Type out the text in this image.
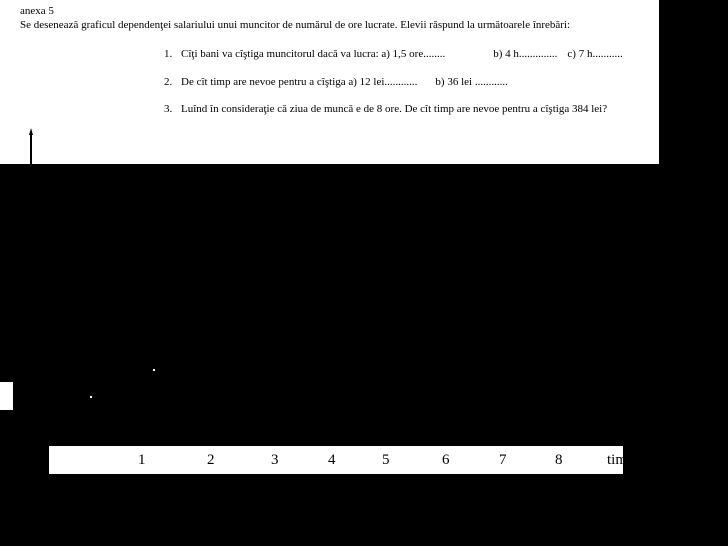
anexa 5
Se desenează graficul dependenţei salariului unui muncitor de numărul de ore lucrate. Elevii răspund la următoarele înrebări:
1. Cîţi bani va cîştiga muncitorul dacă va lucra: a) 1,5 ore........	b) 4 h.............. c) 7 h...........
2. De cît timp are nevoe pentru a cîştiga a) 12 lei............ b) 36 lei ............
3. Luînd în consideraţie că ziua de muncă e de 8 ore. De cît timp are nevoe pentru a cîştiga 384 lei?
1	2	3	4	5	6	7	8	tim
